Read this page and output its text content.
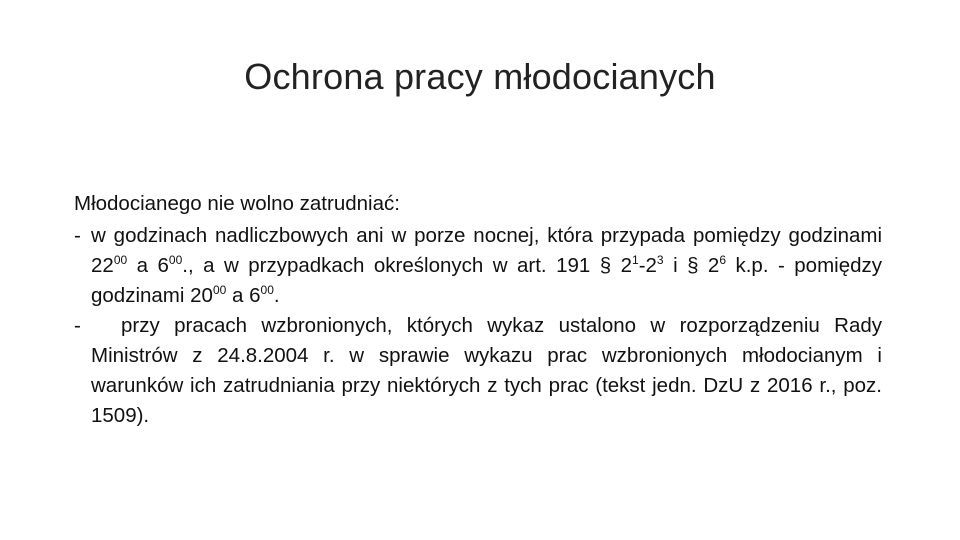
Ochrona pracy młodocianych

Młodocianego nie wolno zatrudniać:

- w godzinach nadliczbowych ani w porze nocnej, która przypada pomiędzy godzinami $22^{00}$ a $6^{00}$., a w przypadkach określonych w art. 191 § $2^1-2^3$ i § $2^6$ k.p. - pomiędzy godzinami $20^{00}$ a $6^{00}$.

- przy pracach wzbronionych, których wykaz ustalono w rozporządzeniu Rady Ministrów z 24.8.2004 r. w sprawie wykazu prac wzbronionych młodocianym i warunków ich zatrudniania przy niektórych z tych prac (tekst jedn. DzU z 2016 r., poz. 1509).
